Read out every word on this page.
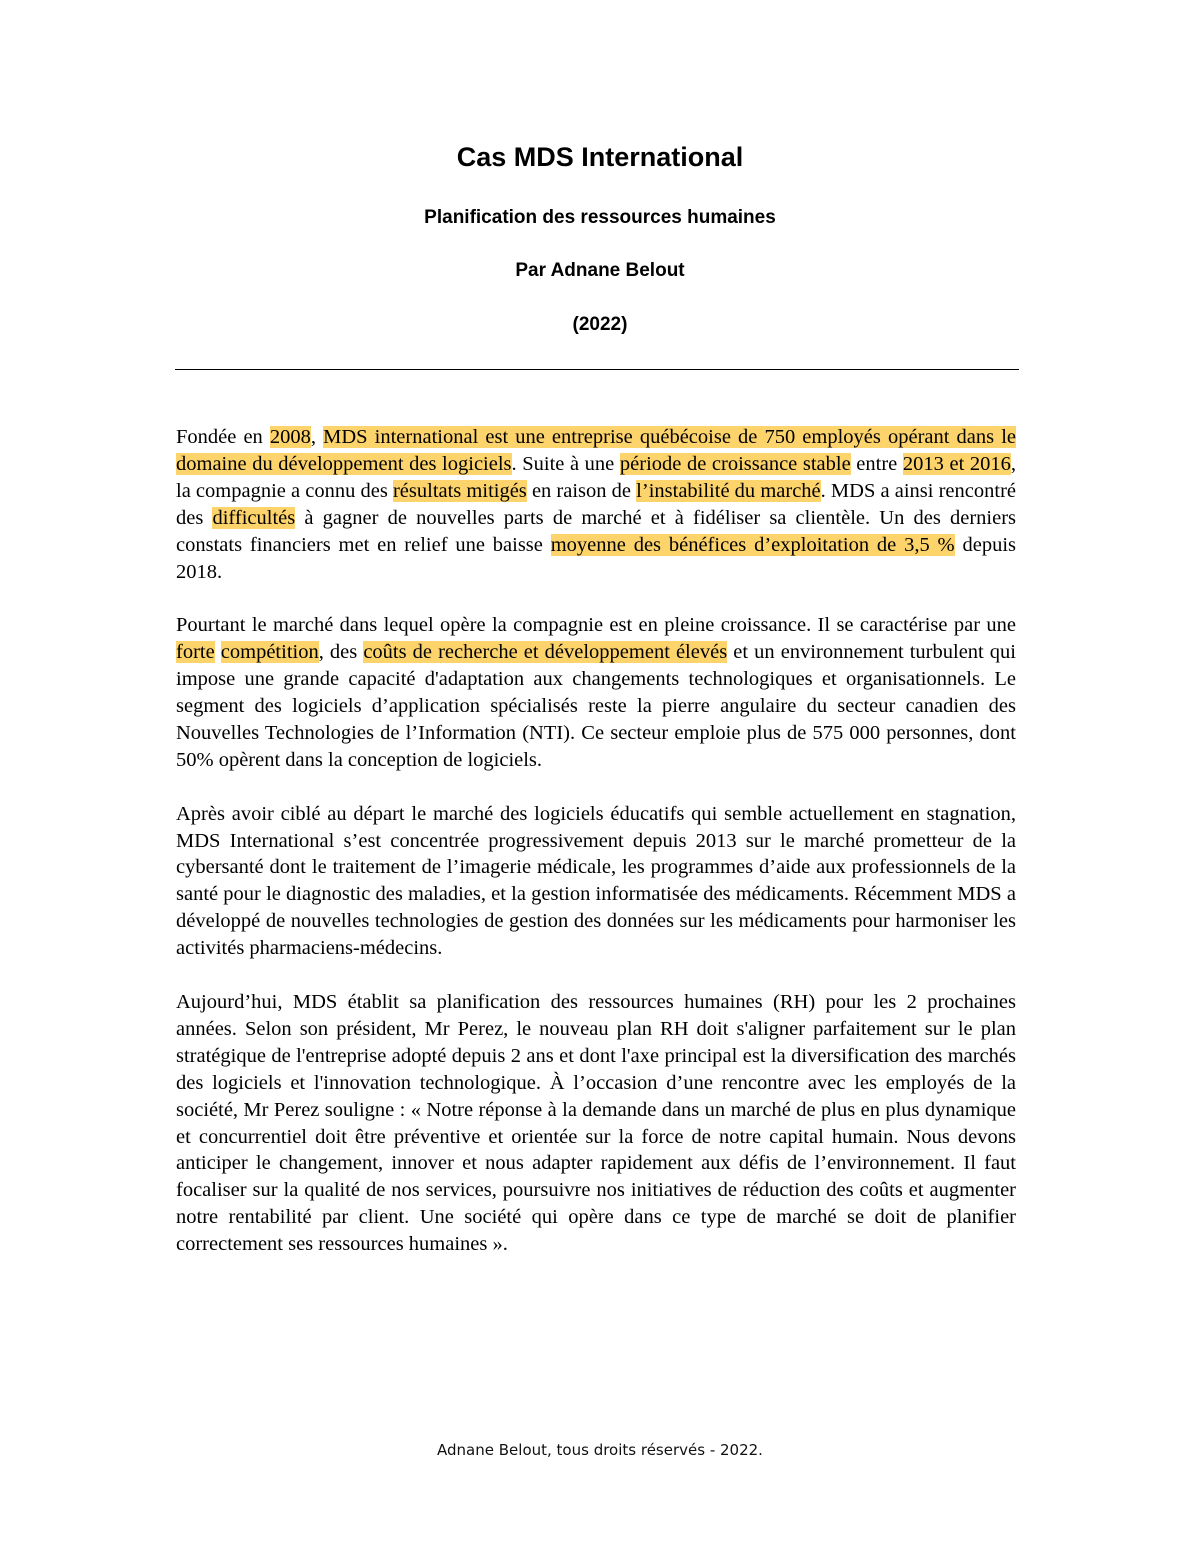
Cas MDS International
Planification des ressources humaines
Par Adnane Belout
(2022)

Fondée en 2008, MDS international est une entreprise québécoise de 750 employés opérant dans le domaine du développement des logiciels. Suite à une période de croissance stable entre 2013 et 2016, la compagnie a connu des résultats mitigés en raison de l’instabilité du marché. MDS a ainsi rencontré des difficultés à gagner de nouvelles parts de marché et à fidéliser sa clientèle. Un des derniers constats financiers met en relief une baisse moyenne des bénéfices d’exploitation de 3,5 % depuis 2018.

Pourtant le marché dans lequel opère la compagnie est en pleine croissance. Il se caractérise par une forte compétition, des coûts de recherche et développement élevés et un environnement turbulent qui impose une grande capacité d'adaptation aux changements technologiques et organisationnels. Le segment des logiciels d’application spécialisés reste la pierre angulaire du secteur canadien des Nouvelles Technologies de l’Information (NTI). Ce secteur emploie plus de 575 000 personnes, dont 50% opèrent dans la conception de logiciels.

Après avoir ciblé au départ le marché des logiciels éducatifs qui semble actuellement en stagnation, MDS International s’est concentrée progressivement depuis 2013 sur le marché prometteur de la cybersanté dont le traitement de l’imagerie médicale, les programmes d’aide aux professionnels de la santé pour le diagnostic des maladies, et la gestion informatisée des médicaments. Récemment MDS a développé de nouvelles technologies de gestion des données sur les médicaments pour harmoniser les activités pharmaciens-médecins.

Aujourd’hui, MDS établit sa planification des ressources humaines (RH) pour les 2 prochaines années. Selon son président, Mr Perez, le nouveau plan RH doit s'aligner parfaitement sur le plan stratégique de l'entreprise adopté depuis 2 ans et dont l'axe principal est la diversification des marchés des logiciels et l'innovation technologique. À l’occasion d’une rencontre avec les employés de la société, Mr Perez souligne : « Notre réponse à la demande dans un marché de plus en plus dynamique et concurrentiel doit être préventive et orientée sur la force de notre capital humain. Nous devons anticiper le changement, innover et nous adapter rapidement aux défis de l’environnement. Il faut focaliser sur la qualité de nos services, poursuivre nos initiatives de réduction des coûts et augmenter notre rentabilité par client. Une société qui opère dans ce type de marché se doit de planifier correctement ses ressources humaines ».

Adnane Belout, tous droits réservés - 2022.
